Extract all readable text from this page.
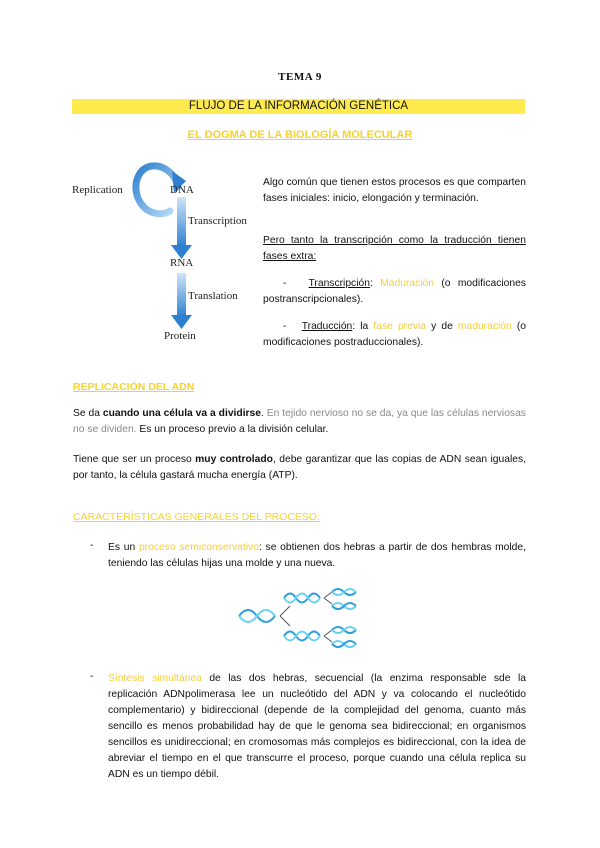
TEMA 9
FLUJO DE LA INFORMACIÓN GENÉTICA
EL DOGMA DE LA BIOLOGÍA MOLECULAR
Replication	DNA
Transcription
RNA
Translation
Protein
Algo común que tienen estos procesos es que comparten fases iniciales: inicio, elongación y terminación.
Pero tanto la transcripción como la traducción tienen fases extra:
- Transcripción: Maduración (o modificaciones postranscripcionales).
- Traducción: la fase previa y de maduración (o modificaciones postraduccionales).
REPLICACIÓN DEL ADN
Se da cuando una célula va a dividirse. En tejido nervioso no se da, ya que las células nerviosas no se dividen. Es un proceso previo a la división celular.
Tiene que ser un proceso muy controlado, debe garantizar que las copias de ADN sean iguales, por tanto, la célula gastará mucha energía (ATP).
CARACTERÍSTICAS GENERALES DEL PROCESO:
- Es un proceso semiconservativo: se obtienen dos hebras a partir de dos hembras molde, teniendo las células hijas una molde y una nueva.
- Síntesis simultánea de las dos hebras, secuencial (la enzima responsable sde la replicación ADNpolimerasa lee un nucleótido del ADN y va colocando el nucleótido complementario) y bidireccional (depende de la complejidad del genoma, cuanto más sencillo es menos probabilidad hay de que le genoma sea bidireccional; en organismos sencillos es unidireccional; en cromosomas más complejos es bidireccional, con la idea de abreviar el tiempo en el que transcurre el proceso, porque cuando una célula replica su ADN es un tiempo débil.
